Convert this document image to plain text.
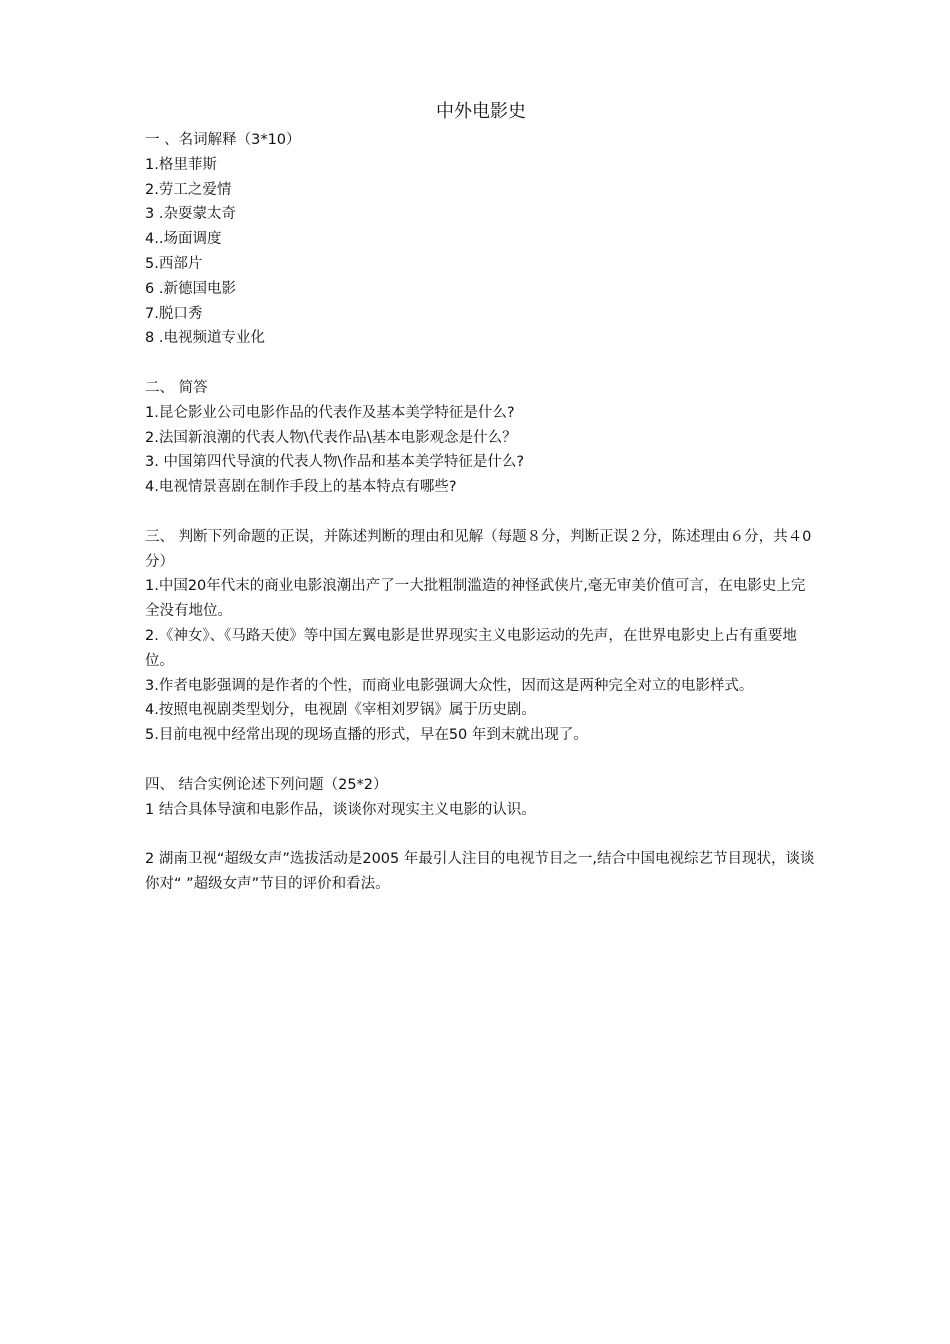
中外电影史

一 、名词解释（3*10）

1.格里菲斯

2.劳工之爱情

3 .杂耍蒙太奇

4..场面调度

5.西部片

6 .新德国电影

7.脱口秀

8 .电视频道专业化

二、 简答

1.昆仑影业公司电影作品的代表作及基本美学特征是什么?

2.法国新浪潮的代表人物\代表作品\基本电影观念是什么？

3. 中国第四代导演的代表人物\作品和基本美学特征是什么?

4.电视情景喜剧在制作手段上的基本特点有哪些?

三、 判断下列命题的正误，并陈述判断的理由和见解（每题８分，判断正误２分，陈述理由６分，共４0 分）

1.中国20年代末的商业电影浪潮出产了一大批粗制滥造的神怪武侠片,毫无审美价值可言，在电影史上完全没有地位。

2.《神女》、《马路天使》等中国左翼电影是世界现实主义电影运动的先声，在世界电影史上占有重要地位。

3.作者电影强调的是作者的个性，而商业电影强调大众性，因而这是两种完全对立的电影样式。

4.按照电视剧类型划分，电视剧《宰相刘罗锅》属于历史剧。

5.目前电视中经常出现的现场直播的形式，早在50 年到末就出现了。

四、 结合实例论述下列问题（25*2）

1 结合具体导演和电影作品，谈谈你对现实主义电影的认识。

2 湖南卫视“超级女声”选拔活动是2005 年最引人注目的电视节目之一,结合中国电视综艺节目现状，谈谈你对“ ”超级女声”节目的评价和看法。
